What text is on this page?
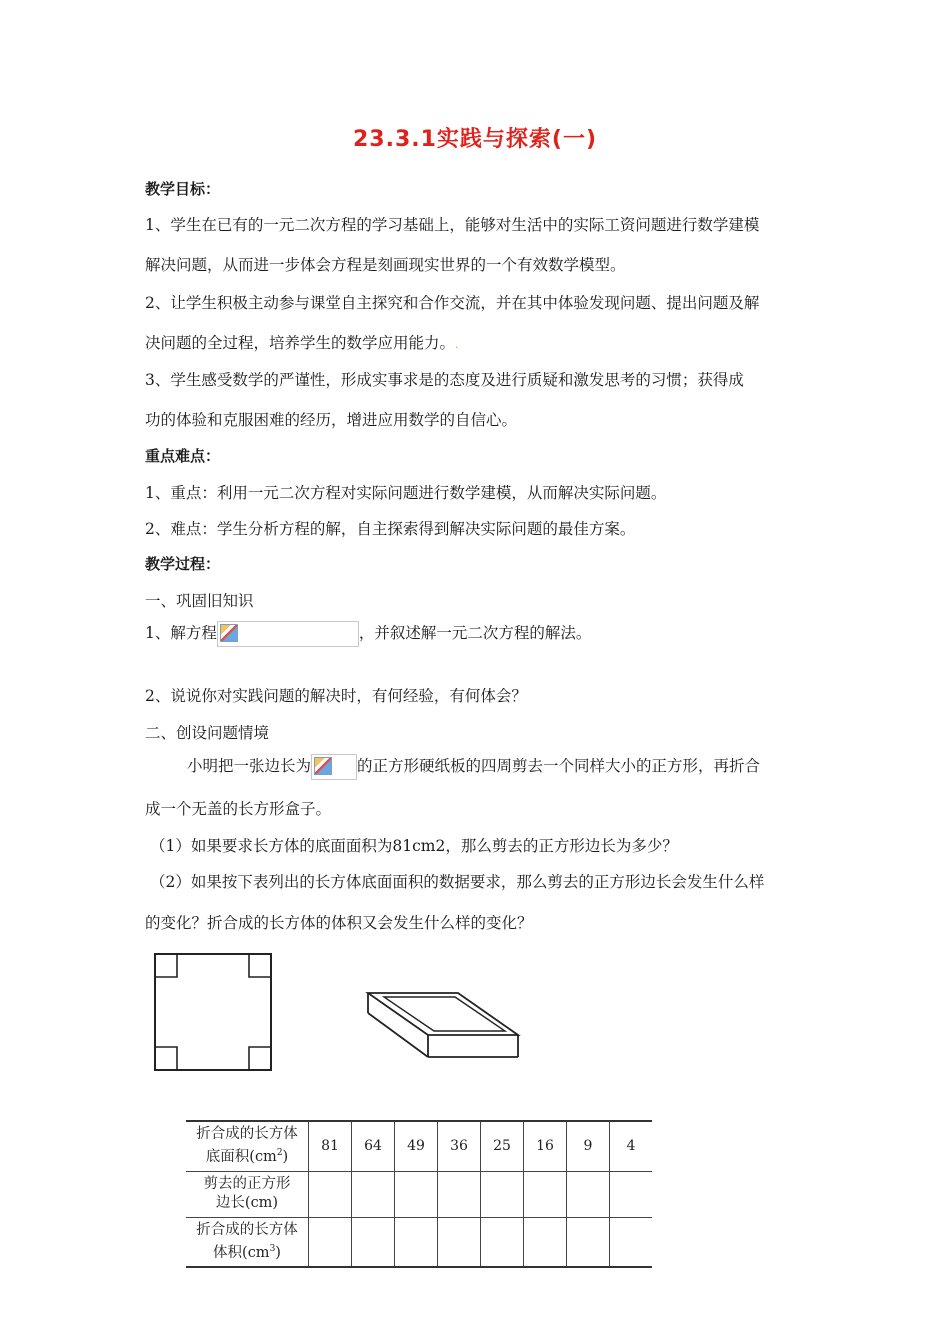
23.3.1实践与探索(一)
教学目标：
1、学生在已有的一元二次方程的学习基础上，能够对生活中的实际工资问题进行数学建模
解决问题，从而进一步体会方程是刻画现实世界的一个有效数学模型。
2、让学生积极主动参与课堂自主探究和合作交流，并在其中体验发现问题、提出问题及解
决问题的全过程，培养学生的数学应用能力。.
3、学生感受数学的严谨性，形成实事求是的态度及进行质疑和激发思考的习惯；获得成
功的体验和克服困难的经历，增进应用数学的自信心。
重点难点：
1、重点：利用一元二次方程对实际问题进行数学建模，从而解决实际问题。
2、难点：学生分析方程的解，自主探索得到解决实际问题的最佳方案。
教学过程：
一、巩固旧知识
1、解方程	，并叙述解一元二次方程的解法。
2、说说你对实践问题的解决时，有何经验，有何体会？
二、创设问题情境
小明把一张边长为	的正方形硬纸板的四周剪去一个同样大小的正方形，再折合
成一个无盖的长方形盒子。
（1）如果要求长方体的底面面积为81cm2，那么剪去的正方形边长为多少？
（2）如果按下表列出的长方体底面面积的数据要求，那么剪去的正方形边长会发生什么样
的变化？折合成的长方体的体积又会发生什么样的变化？
折合成的长方体
底面积$(cm^2)$	81	64	49	36	25	16	9	4
剪去的正方形
边长(cm)								
折合成的长方体
体积$(cm^3)$								
